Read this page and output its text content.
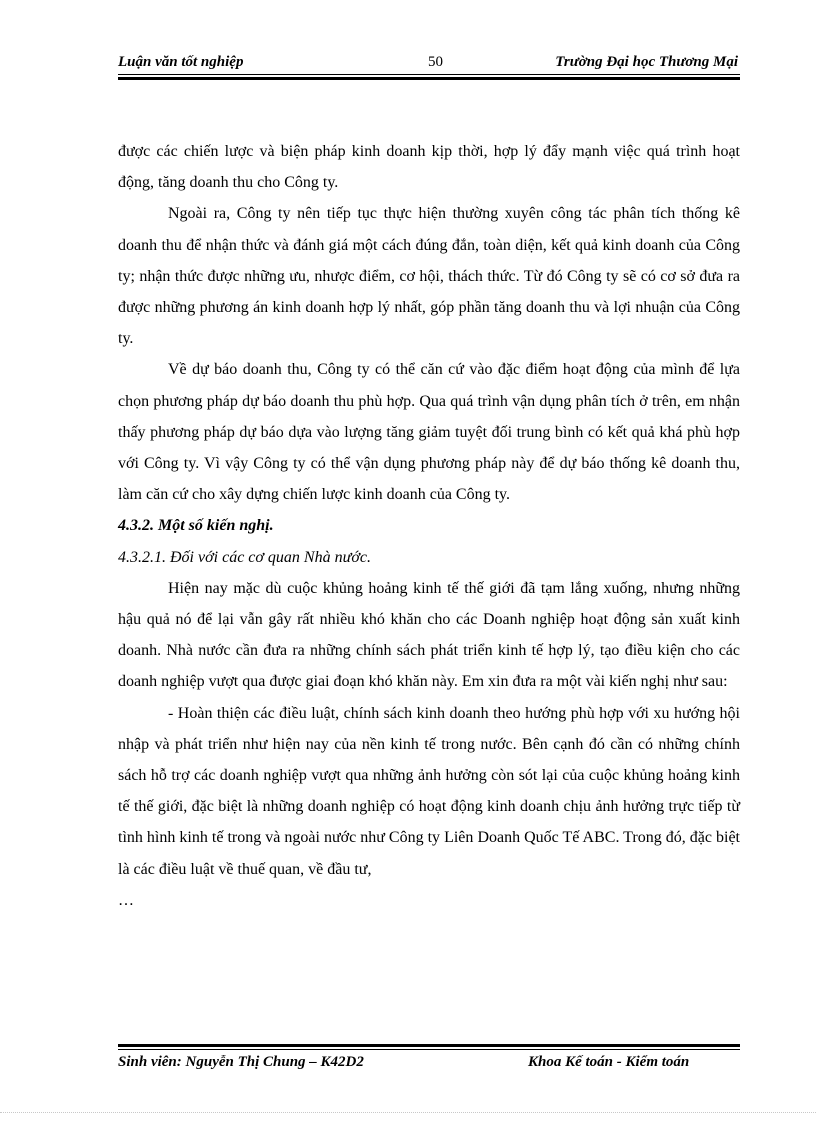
Luận văn tốt nghiệp	50	Trường Đại học Thương Mại

được các chiến lược và biện pháp kinh doanh kịp thời, hợp lý đẩy mạnh việc quá trình hoạt động, tăng doanh thu cho Công ty.

Ngoài ra, Công ty nên tiếp tục thực hiện thường xuyên công tác phân tích thống kê doanh thu để nhận thức và đánh giá một cách đúng đắn, toàn diện, kết quả kinh doanh của Công ty; nhận thức được những ưu, nhược điểm, cơ hội, thách thức. Từ đó Công ty sẽ có cơ sở đưa ra được những phương án kinh doanh hợp lý nhất, góp phần tăng doanh thu và lợi nhuận của Công ty.

Về dự báo doanh thu, Công ty có thể căn cứ vào đặc điểm hoạt động của mình để lựa chọn phương pháp dự báo doanh thu phù hợp. Qua quá trình vận dụng phân tích ở trên, em nhận thấy phương pháp dự báo dựa vào lượng tăng giảm tuyệt đối trung bình có kết quả khá phù hợp với Công ty. Vì vậy Công ty có thể vận dụng phương pháp này để dự báo thống kê doanh thu, làm căn cứ cho xây dựng chiến lược kinh doanh của Công ty.

4.3.2. Một số kiến nghị.

4.3.2.1. Đối với các cơ quan Nhà nước.

Hiện nay mặc dù cuộc khủng hoảng kinh tế thế giới đã tạm lắng xuống, nhưng những hậu quả nó để lại vẫn gây rất nhiều khó khăn cho các Doanh nghiệp hoạt động sản xuất kinh doanh. Nhà nước cần đưa ra những chính sách phát triển kinh tế hợp lý, tạo điều kiện cho các doanh nghiệp vượt qua được giai đoạn khó khăn này. Em xin đưa ra một vài kiến nghị như sau:

- Hoàn thiện các điều luật, chính sách kinh doanh theo hướng phù hợp với xu hướng hội nhập và phát triển như hiện nay của nền kinh tế trong nước. Bên cạnh đó cần có những chính sách hỗ trợ các doanh nghiệp vượt qua những ảnh hưởng còn sót lại của cuộc khủng hoảng kinh tế thế giới, đặc biệt là những doanh nghiệp có hoạt động kinh doanh chịu ảnh hưởng trực tiếp từ tình hình kinh tế trong và ngoài nước như Công ty Liên Doanh Quốc Tế ABC. Trong đó, đặc biệt là các điều luật về thuế quan, về đầu tư,

…

Sinh viên: Nguyễn Thị Chung – K42D2	Khoa Kế toán - Kiểm toán
